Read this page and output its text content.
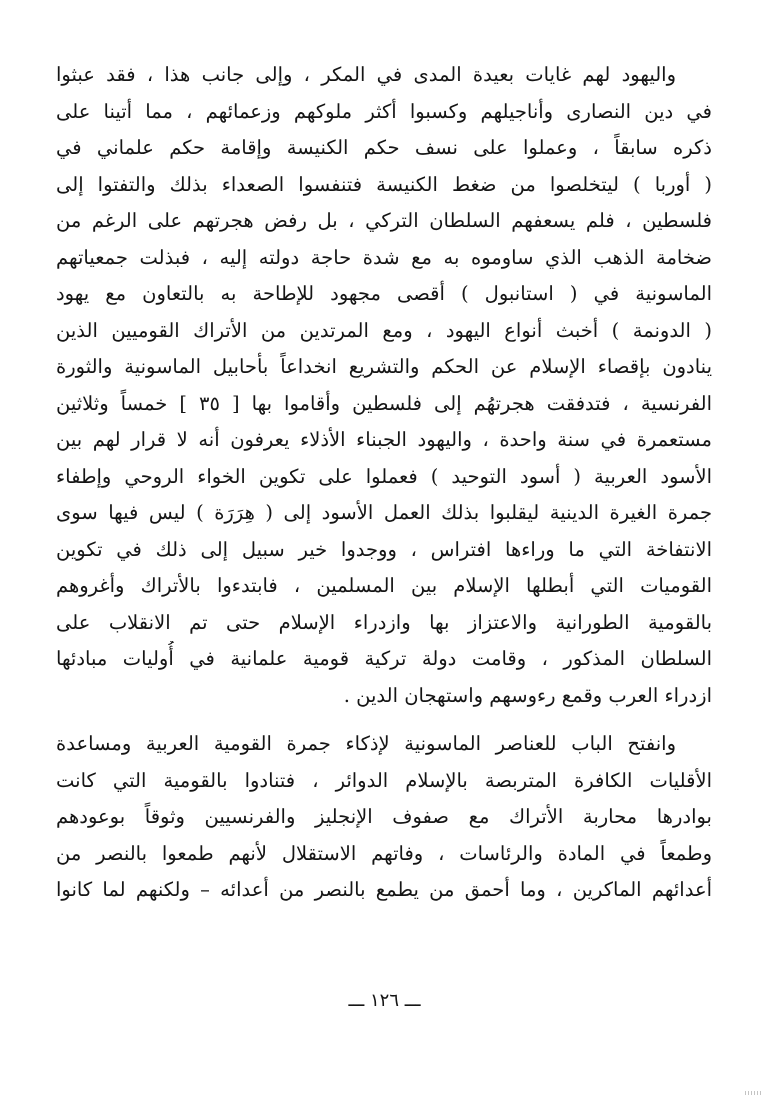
واليهود لهم غايات بعيدة المدى في المكر ، وإلى جانب هذا ، فقد عبثوا
في دين النصارى وأناجيلهم وكسبوا أكثر ملوكهم وزعمائهم ، مما أتينا على
ذكره سابقاً ، وعملوا على نسف حكم الكنيسة وإقامة حكم علماني في
( أوربا ) ليتخلصوا من ضغط الكنيسة فتنفسوا الصعداء بذلك والتفتوا إلى
فلسطين ، فلم يسعفهم السلطان التركي ، بل رفض هجرتهم على الرغم من
ضخامة الذهب الذي ساوموه به مع شدة حاجة دولته إليه ، فبذلت جمعياتهم
الماسونية في ( استانبول ) أقصى مجهود للإطاحة به بالتعاون مع يهود
( الدونمة ) أخبث أنواع اليهود ، ومع المرتدين من الأتراك القوميين الذين
ينادون بإقصاء الإسلام عن الحكم والتشريع انخداعاً بأحابيل الماسونية والثورة
الفرنسية ، فتدفقت هجرتهُم إلى فلسطين وأقاموا بها [ ٣٥ ] خمساً وثلاثين
مستعمرة في سنة واحدة ، واليهود الجبناء الأذلاء يعرفون أنه لا قرار لهم بين
الأسود العربية ( أسود التوحيد ) فعملوا على تكوين الخواء الروحي وإطفاء
جمرة الغيرة الدينية ليقلبوا بذلك العمل الأسود إلى ( هِرَرَة ) ليس فيها سوى
الانتفاخة التي ما وراءها افتراس ، ووجدوا خير سبيل إلى ذلك في تكوين
القوميات التي أبطلها الإسلام بين المسلمين ، فابتدءوا بالأتراك وأغروهم
بالقومية الطورانية والاعتزاز بها وازدراء الإسلام حتى تم الانقلاب على
السلطان المذكور ، وقامت دولة تركية قومية علمانية في أُوليات مبادئها
ازدراء العرب وقمع رءوسهم واستهجان الدين .
وانفتح الباب للعناصر الماسونية لإذكاء جمرة القومية العربية ومساعدة
الأقليات الكافرة المتربصة بالإسلام الدوائر ، فتنادوا بالقومية التي كانت
بوادرها محاربة الأتراك مع صفوف الإنجليز والفرنسيين وثوقاً بوعودهم
وطمعاً في المادة والرئاسات ، وفاتهم الاستقلال لأنهم طمعوا بالنصر من
أعدائهم الماكرين ، وما أحمق من يطمع بالنصر من أعدائه – ولكنهم لما كانوا
ـــ ١٢٦ ـــ
